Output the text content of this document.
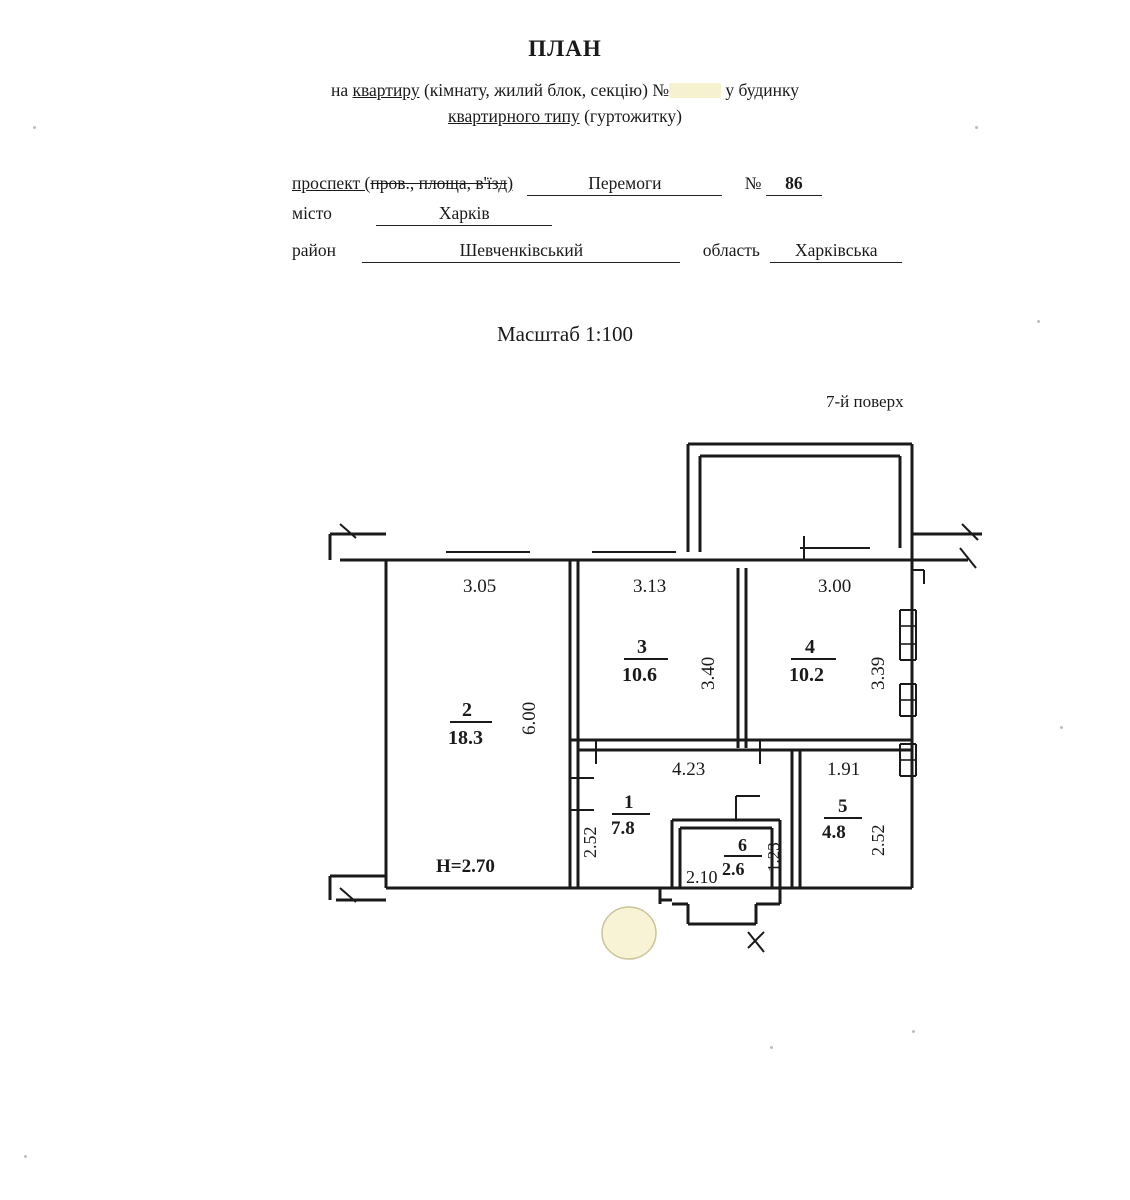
ПЛАН
на квартиру (кімнату, жилий блок, секцію) №	у будинку
квартирного типу (гуртожитку)
проспект (пров., площа, в'їзд)	Перемоги	№ 86
місто	Харків
район	Шевченківський	область Харківська
Масштаб 1:100
7-й поверх
3.05	3.13	3.00
6.00
3.40	3.39
4.23	1.91
2.52	2.52
1.23
2.10
2
18.3
3
10.6
4
10.2
1
7.8
5
4.8
6
2.6
H=2.70
